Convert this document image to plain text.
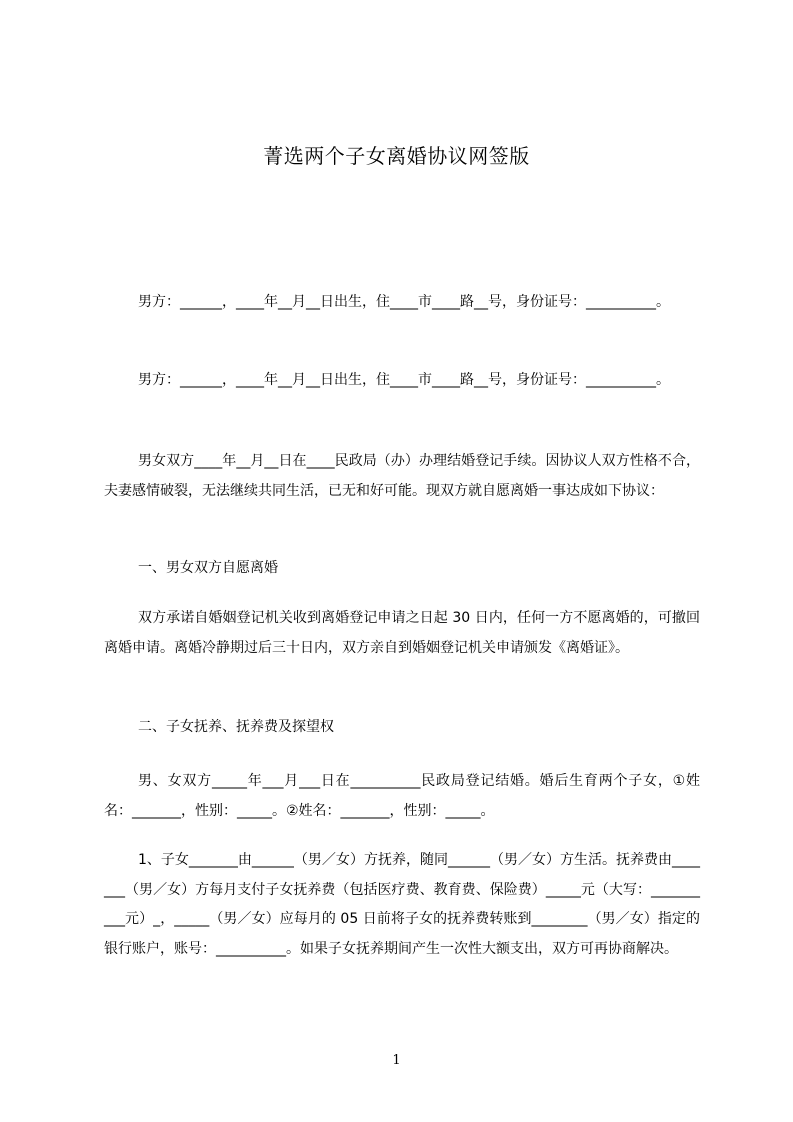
菁选两个子女离婚协议网签版
男方：______，____年__月__日出生，住____市____路__号，身份证号：__________。
男方：______，____年__月__日出生，住____市____路__号，身份证号：__________。
男女双方____年__月__日在____民政局（办）办理结婚登记手续。因协议人双方性格不合，夫妻感情破裂，无法继续共同生活，已无和好可能。现双方就自愿离婚一事达成如下协议：
一、男女双方自愿离婚
双方承诺自婚姻登记机关收到离婚登记申请之日起 30 日内，任何一方不愿离婚的，可撤回离婚申请。离婚冷静期过后三十日内，双方亲自到婚姻登记机关申请颁发《离婚证》。
二、子女抚养、抚养费及探望权
男、女双方_____年___月___日在__________民政局登记结婚。婚后生育两个子女，①姓名：_______，性别：_____。②姓名：_______，性别：_____。
1、子女_______由______（男／女）方抚养，随同______（男／女）方生活。抚养费由_______（男／女）方每月支付子女抚养费（包括医疗费、教育费、保险费）_____元（大写：__________元）_，_____（男／女）应每月的 05 日前将子女的抚养费转账到________（男／女）指定的银行账户，账号：__________。如果子女抚养期间产生一次性大额支出，双方可再协商解决。
1
